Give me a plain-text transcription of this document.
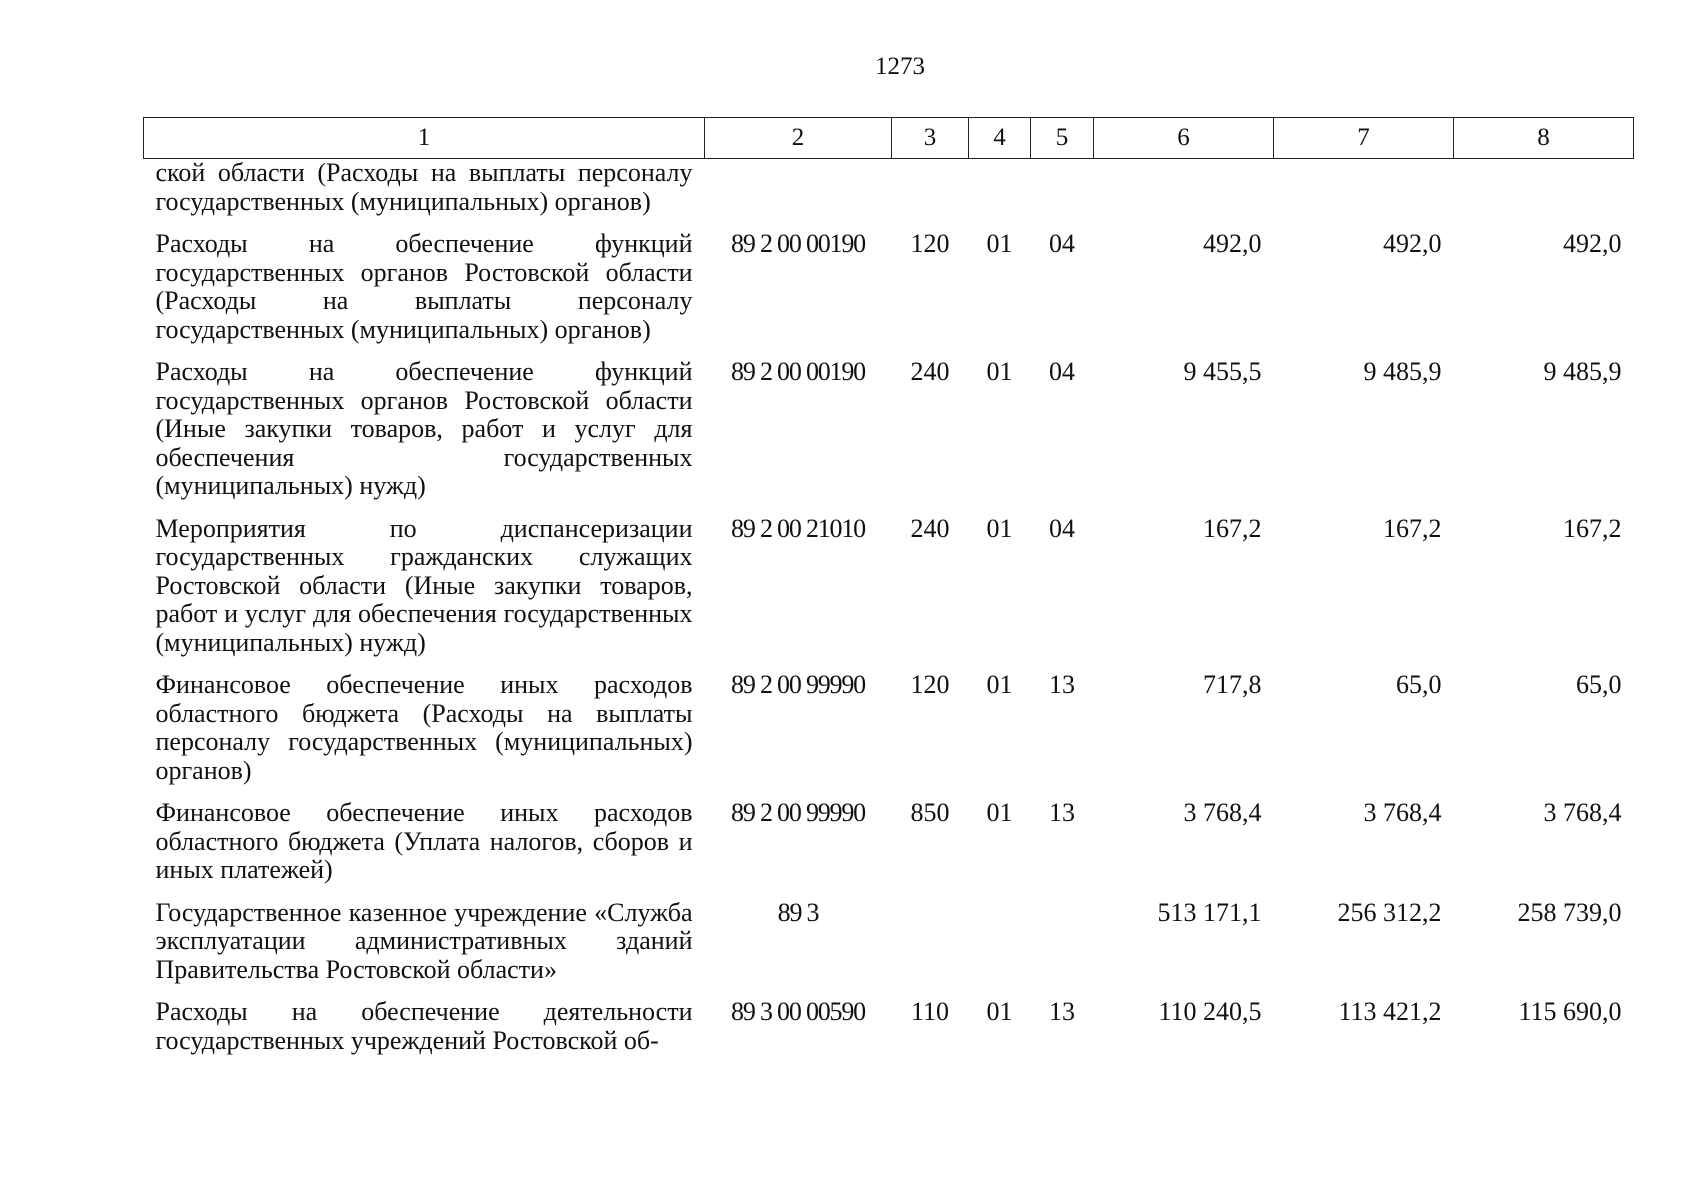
1273
1	2	3	4	5	6	7	8
ской области (Расходы на выплаты персоналу государственных (муниципальных) органов)							
Расходы на обеспечение функций государственных органов Ростовской области (Расходы на выплаты персоналу государственных (муниципальных) органов)	89 2 00 00190	120	01	04	492,0	492,0	492,0
Расходы на обеспечение функций государственных органов Ростовской области (Иные закупки товаров, работ и услуг для обеспечения государственных (муниципальных) нужд)	89 2 00 00190	240	01	04	9 455,5	9 485,9	9 485,9
Мероприятия по диспансеризации государственных гражданских служащих Ростовской области (Иные закупки товаров, работ и услуг для обеспечения государственных (муниципальных) нужд)	89 2 00 21010	240	01	04	167,2	167,2	167,2
Финансовое обеспечение иных расходов областного бюджета (Расходы на выплаты персоналу государственных (муниципальных) органов)	89 2 00 99990	120	01	13	717,8	65,0	65,0
Финансовое обеспечение иных расходов областного бюджета (Уплата налогов, сборов и иных платежей)	89 2 00 99990	850	01	13	3 768,4	3 768,4	3 768,4
Государственное казенное учреждение «Служба эксплуатации административных зданий Правительства Ростовской области»	89 3				513 171,1	256 312,2	258 739,0
Расходы на обеспечение деятельности государственных учреждений Ростовской об-	89 3 00 00590	110	01	13	110 240,5	113 421,2	115 690,0
